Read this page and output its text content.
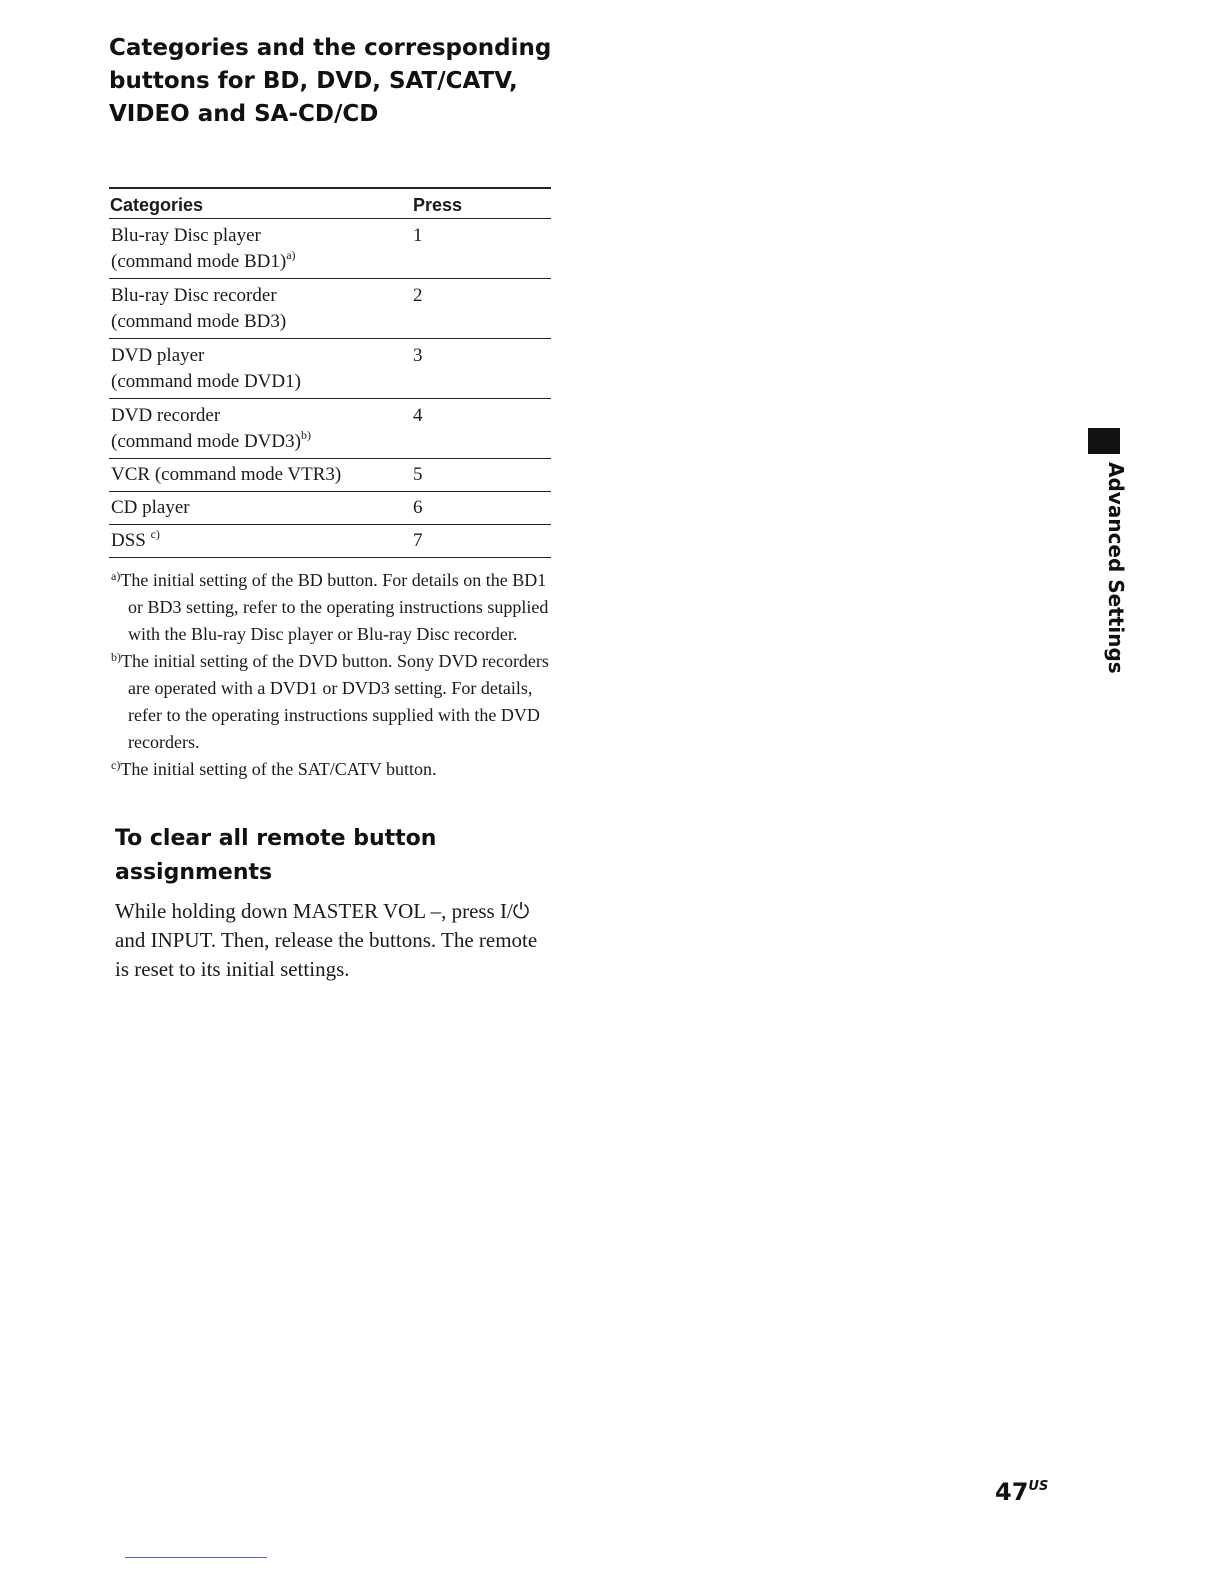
Categories and the corresponding buttons for BD, DVD, SAT/CATV, VIDEO and SA-CD/CD
Categories	Press
Blu-ray Disc player
(command mode BD1)$^{a)}$	1
Blu-ray Disc recorder
(command mode BD3)	2
DVD player
(command mode DVD1)	3
DVD recorder
(command mode DVD3)$^{b)}$	4
VCR (command mode VTR3)	5
CD player	6
DSS $^{c)}$	7

$^{a)}$The initial setting of the BD button. For details on the BD1 or BD3 setting, refer to the operating instructions supplied with the Blu-ray Disc player or Blu-ray Disc recorder.

$^{b)}$The initial setting of the DVD button. Sony DVD recorders are operated with a DVD1 or DVD3 setting. For details, refer to the operating instructions supplied with the DVD recorders.

$^{c)}$The initial setting of the SAT/CATV button.

To clear all remote button assignments

While holding down MASTER VOL –, press I/⏻ and INPUT. Then, release the buttons. The remote is reset to its initial settings.

Advanced Settings
$47^{US}$
